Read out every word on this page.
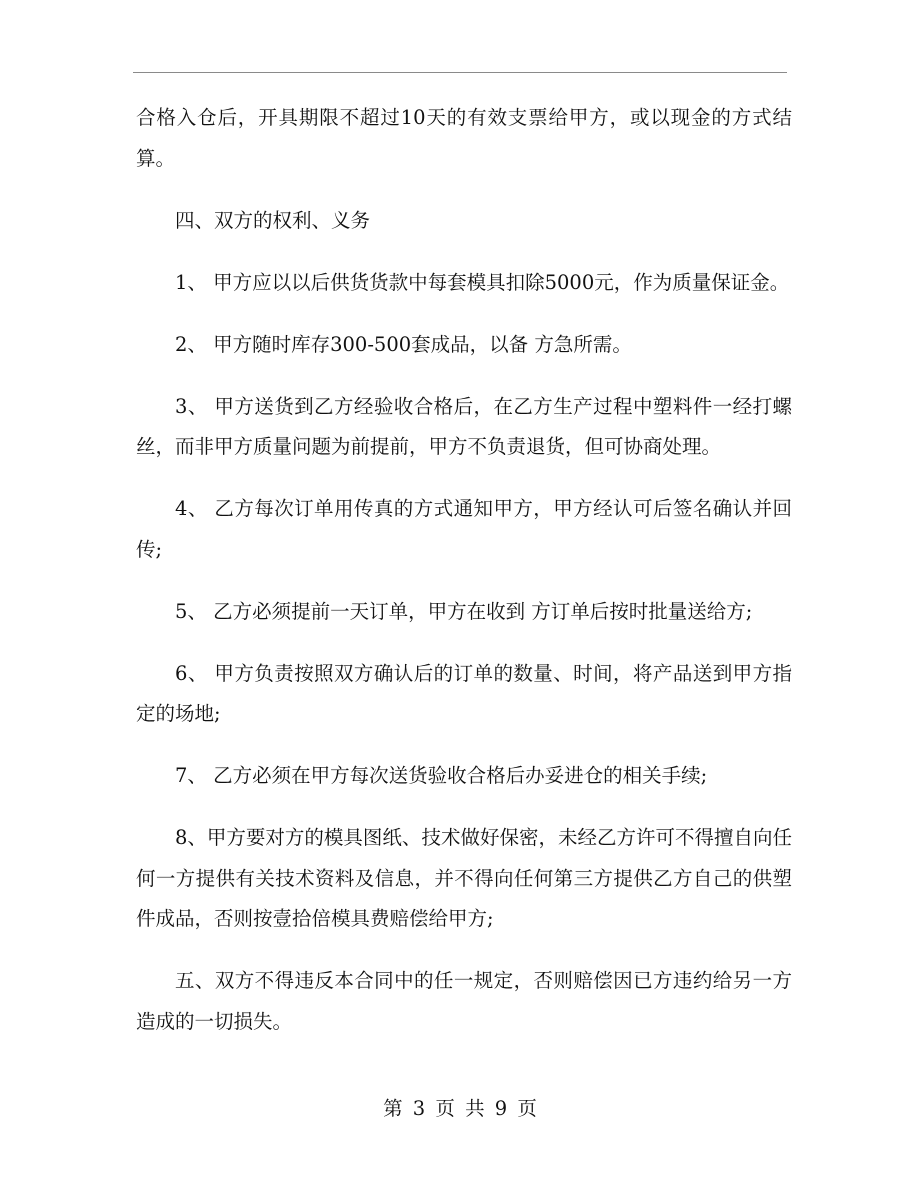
合格入仓后，开具期限不超过10天的有效支票给甲方，或以现金的方式结算。

四、双方的权利、义务

1、 甲方应以以后供货货款中每套模具扣除5000元，作为质量保证金。

2、 甲方随时库存300-500套成品，以备 方急所需。

3、 甲方送货到乙方经验收合格后，在乙方生产过程中塑料件一经打螺丝，而非甲方质量问题为前提前，甲方不负责退货，但可协商处理。

4、 乙方每次订单用传真的方式通知甲方，甲方经认可后签名确认并回传;

5、 乙方必须提前一天订单，甲方在收到 方订单后按时批量送给方;

6、 甲方负责按照双方确认后的订单的数量、时间，将产品送到甲方指定的场地;

7、 乙方必须在甲方每次送货验收合格后办妥进仓的相关手续;

8、甲方要对方的模具图纸、技术做好保密，未经乙方许可不得擅自向任何一方提供有关技术资料及信息，并不得向任何第三方提供乙方自己的供塑件成品，否则按壹拾倍模具费赔偿给甲方;

五、双方不得违反本合同中的任一规定，否则赔偿因已方违约给另一方造成的一切损失。

第 3 页 共 9 页
